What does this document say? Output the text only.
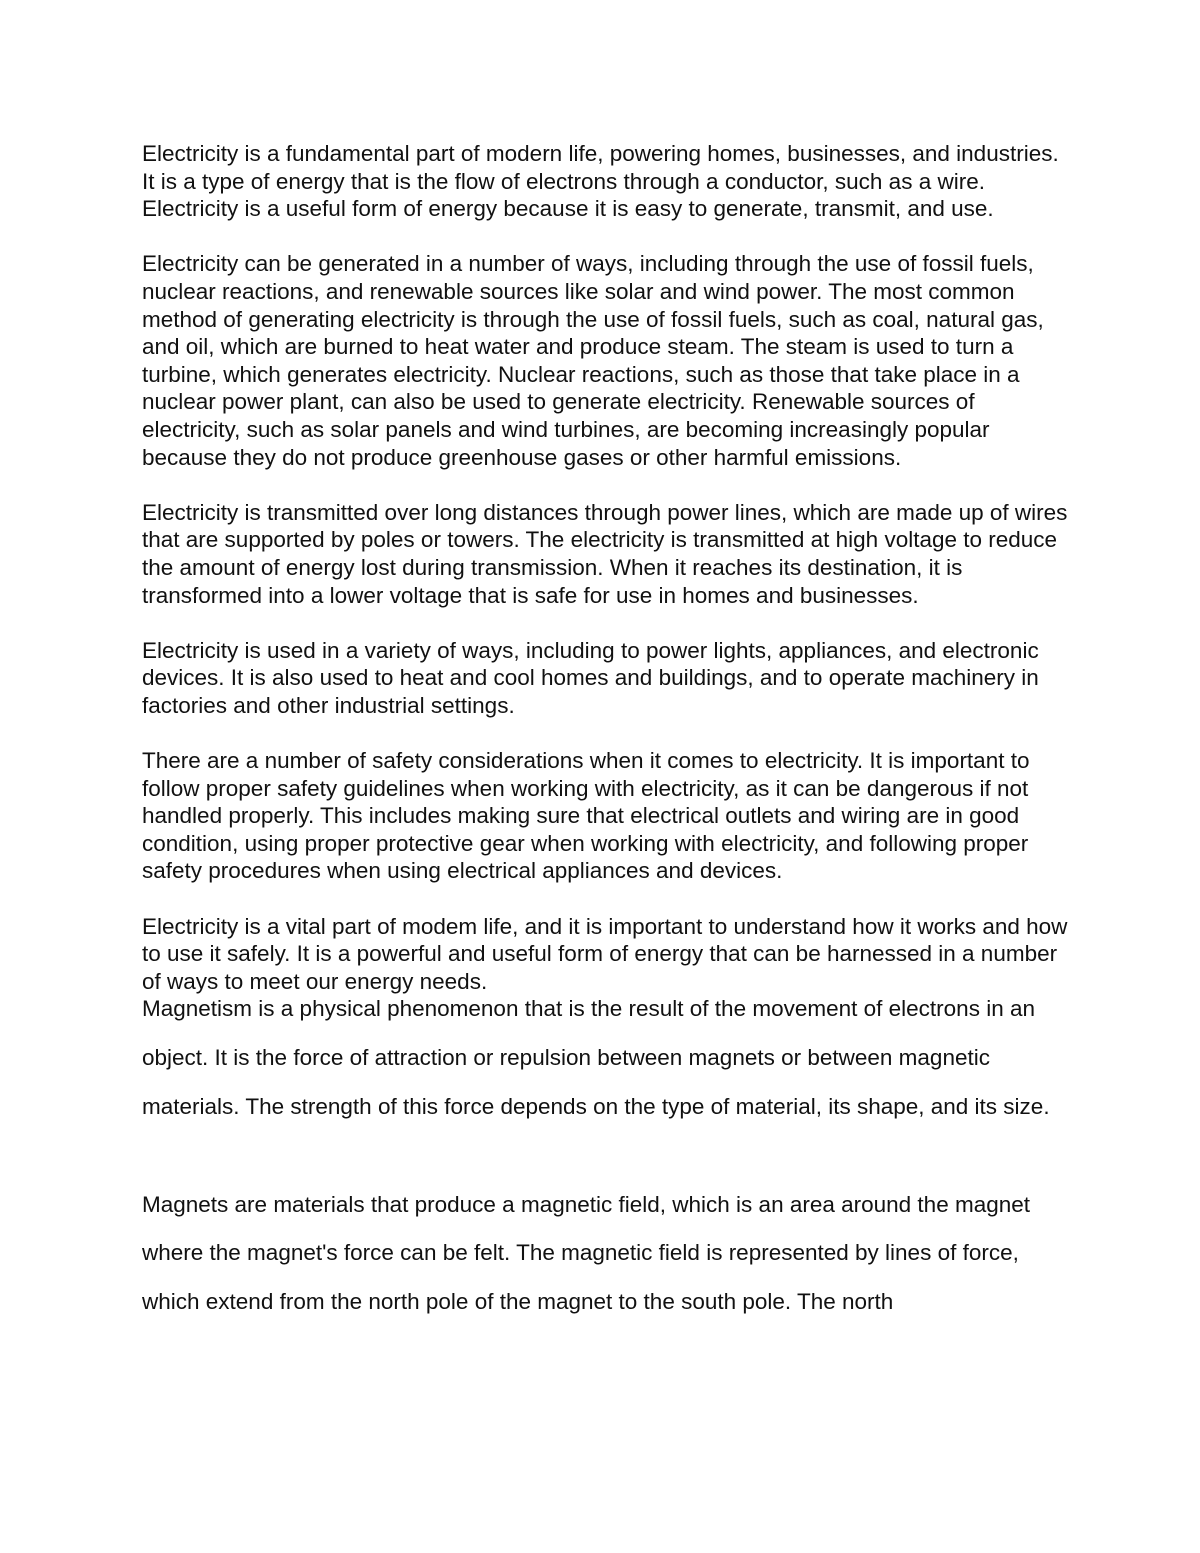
Electricity is a fundamental part of modern life, powering homes, businesses, and industries. It is a type of energy that is the flow of electrons through a conductor, such as a wire. Electricity is a useful form of energy because it is easy to generate, transmit, and use.

Electricity can be generated in a number of ways, including through the use of fossil fuels, nuclear reactions, and renewable sources like solar and wind power. The most common method of generating electricity is through the use of fossil fuels, such as coal, natural gas, and oil, which are burned to heat water and produce steam. The steam is used to turn a turbine, which generates electricity. Nuclear reactions, such as those that take place in a nuclear power plant, can also be used to generate electricity. Renewable sources of electricity, such as solar panels and wind turbines, are becoming increasingly popular because they do not produce greenhouse gases or other harmful emissions.

Electricity is transmitted over long distances through power lines, which are made up of wires that are supported by poles or towers. The electricity is transmitted at high voltage to reduce the amount of energy lost during transmission. When it reaches its destination, it is transformed into a lower voltage that is safe for use in homes and businesses.

Electricity is used in a variety of ways, including to power lights, appliances, and electronic devices. It is also used to heat and cool homes and buildings, and to operate machinery in factories and other industrial settings.

There are a number of safety considerations when it comes to electricity. It is important to follow proper safety guidelines when working with electricity, as it can be dangerous if not handled properly. This includes making sure that electrical outlets and wiring are in good condition, using proper protective gear when working with electricity, and following proper safety procedures when using electrical appliances and devices.

Electricity is a vital part of modem life, and it is important to understand how it works and how to use it safely. It is a powerful and useful form of energy that can be harnessed in a number of ways to meet our energy needs.

Magnetism is a physical phenomenon that is the result of the movement of electrons in an object. It is the force of attraction or repulsion between magnets or between magnetic materials. The strength of this force depends on the type of material, its shape, and its size.

Magnets are materials that produce a magnetic field, which is an area around the magnet where the magnet's force can be felt. The magnetic field is represented by lines of force, which extend from the north pole of the magnet to the south pole. The north
